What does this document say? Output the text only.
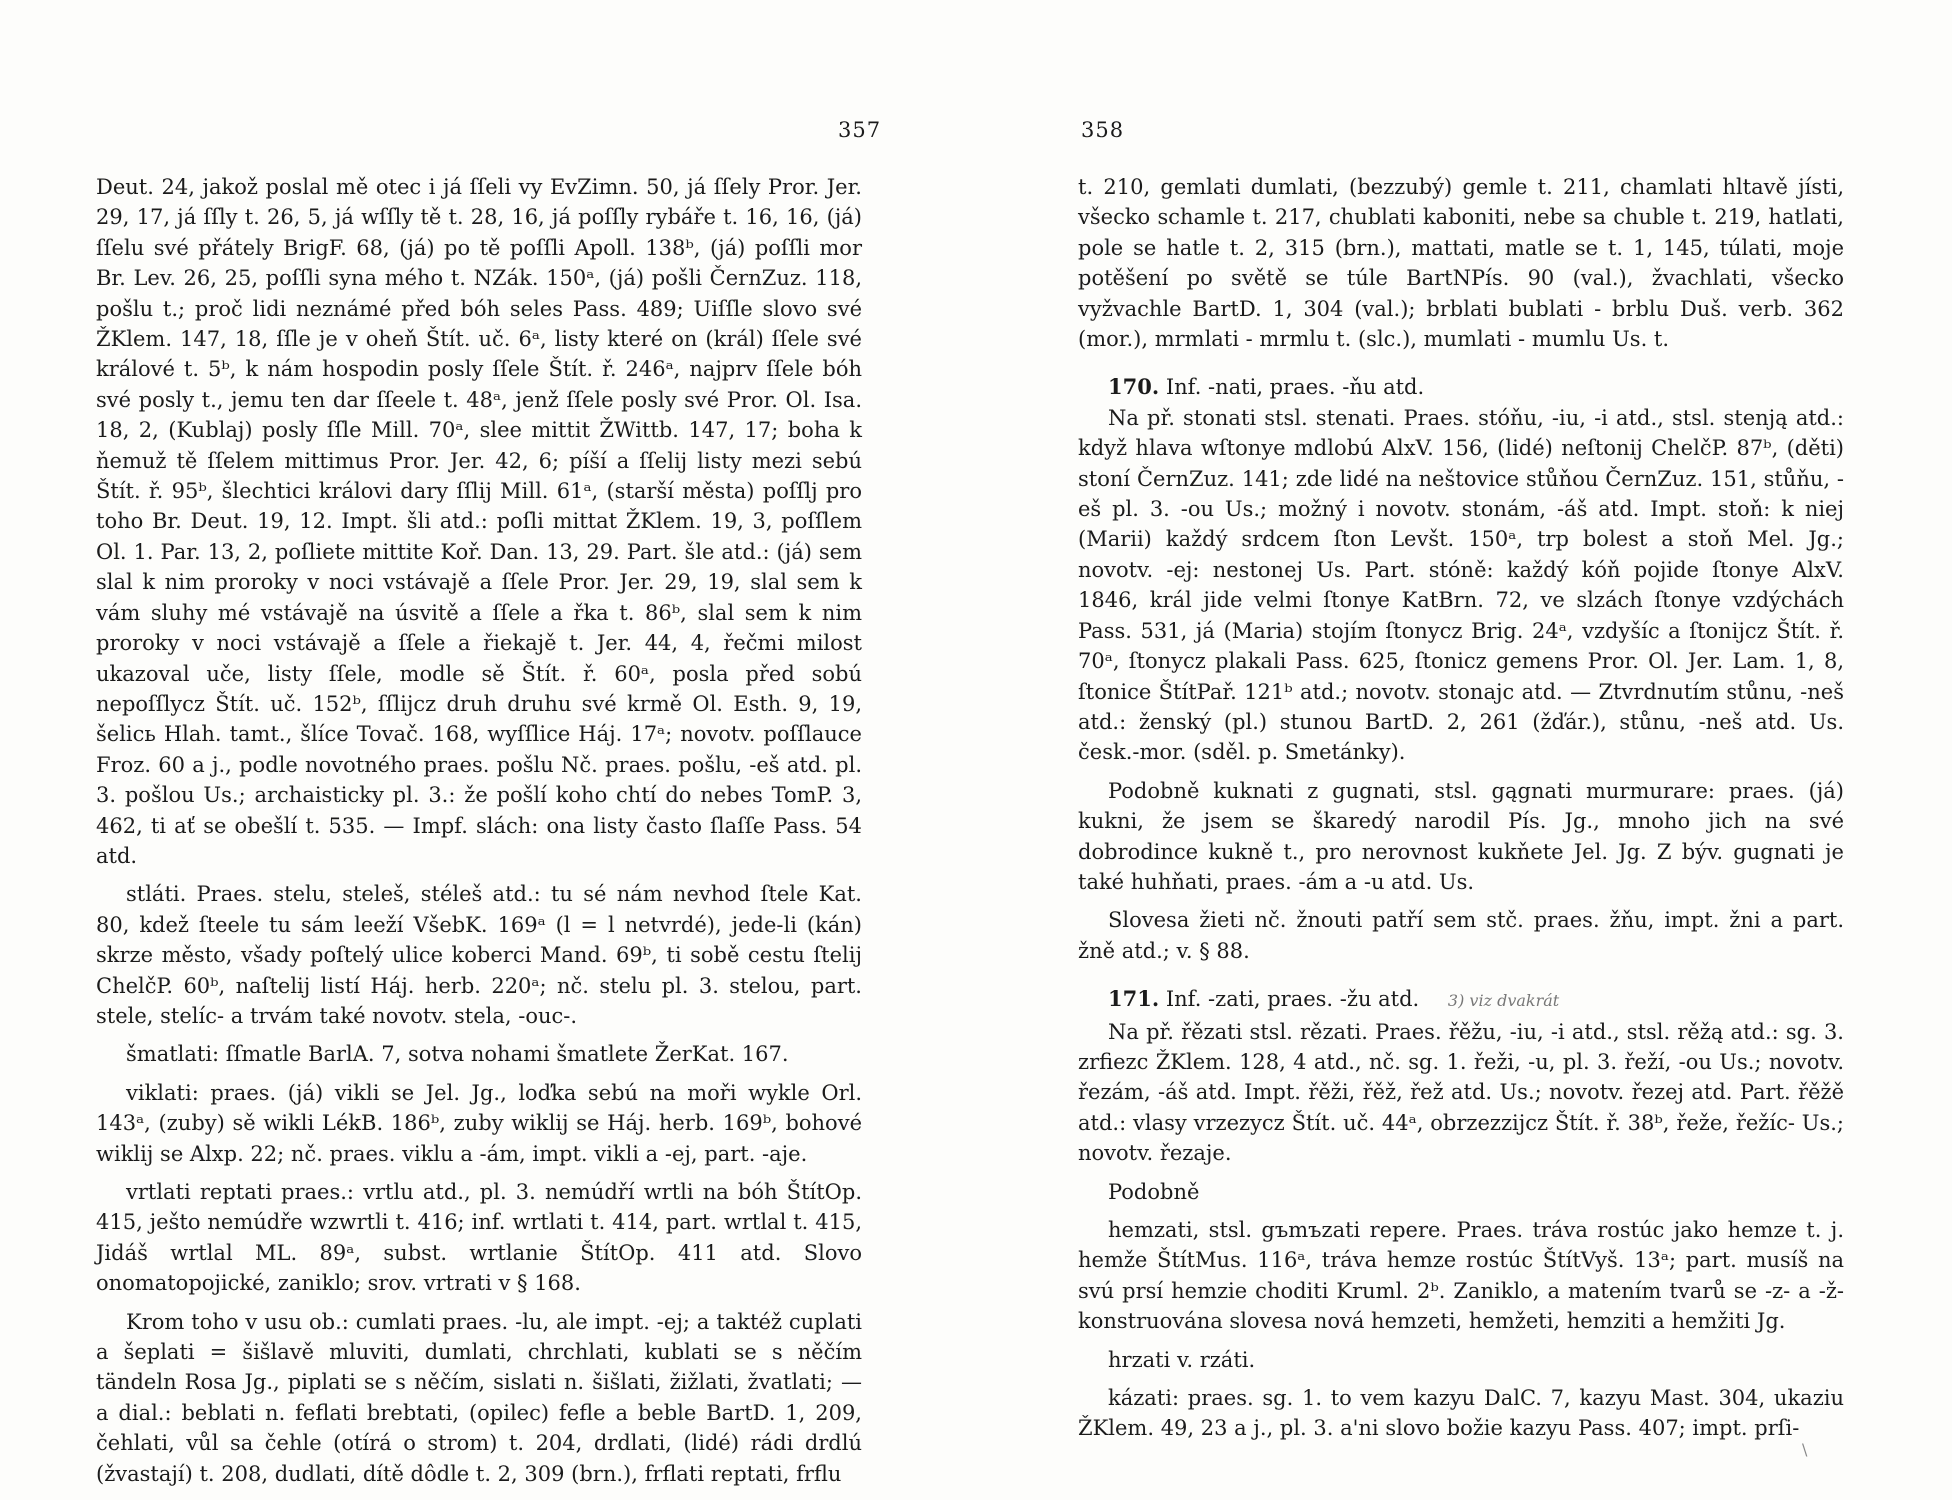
357

Deut. 24, jakož poslal mě otec i já ſſeli vy EvZimn. 50, já ſſely Pror. Jer. 29, 17, já ſſly t. 26, 5, já wſſly tě t. 28, 16, já poſſly rybáře t. 16, 16, (já) ſſelu své přátely BrigF. 68, (já) po tě poſſli Apoll. 138ᵇ, (já) poſſli mor Br. Lev. 26, 25, poſſli syna mého t. NZák. 150ᵃ, (já) pošli ČernZuz. 118, pošlu t.; proč lidi neznámé před bóh seles Pass. 489; Uiſſle slovo své ŽKlem. 147, 18, ſſle je v oheň Štít. uč. 6ᵃ, listy které on (král) ſſele své králové t. 5ᵇ, k nám hospodin posly ſſele Štít. ř. 246ᵃ, najprv ſſele bóh své posly t., jemu ten dar ſſeele t. 48ᵃ, jenž ſſele posly své Pror. Ol. Isa. 18, 2, (Kublaj) posly ſſle Mill. 70ᵃ, slee mittit ŽWittb. 147, 17; boha k ňemuž tě ſſelem mittimus Pror. Jer. 42, 6; píší a ſſelij listy mezi sebú Štít. ř. 95ᵇ, šlechtici královi dary ſſlij Mill. 61ᵃ, (starší města) poſſlj pro toho Br. Deut. 19, 12. Impt. šli atd.: poſli mittat ŽKlem. 19, 3, poſſlem Ol. 1. Par. 13, 2, poſliete mittite Koř. Dan. 13, 29. Part. šle atd.: (já) sem slal k nim proroky v noci vstávajě a ſſele Pror. Jer. 29, 19, slal sem k vám sluhy mé vstávajě na úsvitě a ſſele a řka t. 86ᵇ, slal sem k nim proroky v noci vstávajě a ſſele a řiekajě t. Jer. 44, 4, řečmi milost ukazoval uče, listy ſſele, modle sě Štít. ř. 60ᵃ, posla před sobú nepoſſlycz Štít. uč. 152ᵇ, ſſlijcz druh druhu své krmě Ol. Esth. 9, 19, šelicь Hlah. tamt., šlíce Tovač. 168, wyſſlice Háj. 17ᵃ; novotv. poſſlauce Froz. 60 a j., podle novotného praes. pošlu Nč. praes. pošlu, -eš atd. pl. 3. pošlou Us.; archaisticky pl. 3.: že pošlí koho chtí do nebes TomP. 3, 462, ti ať se obešlí t. 535. — Impf. slách: ona listy často ſlaſſe Pass. 54 atd.

stláti. Praes. stelu, steleš, stéleš atd.: tu sé nám nevhod ſtele Kat. 80, kdež ſteele tu sám leeží VšebK. 169ᵃ (l = l netvrdé), jede-li (kán) skrze město, všady poſtelý ulice koberci Mand. 69ᵇ, ti sobě cestu ſtelij ChelčP. 60ᵇ, naſtelij listí Háj. herb. 220ᵃ; nč. stelu pl. 3. stelou, part. stele, stelíc- a trvám také novotv. stela, -ouc-.

šmatlati: ſſmatle BarlA. 7, sotva nohami šmatlete ŽerKat. 167.

viklati: praes. (já) vikli se Jel. Jg., loďka sebú na moři wykle Orl. 143ᵃ, (zuby) sě wikli LékB. 186ᵇ, zuby wiklij se Háj. herb. 169ᵇ, bohové wiklij se Alxp. 22; nč. praes. viklu a -ám, impt. vikli a -ej, part. -aje.

vrtlati reptati praes.: vrtlu atd., pl. 3. nemúdří wrtli na bóh ŠtítOp. 415, ješto nemúdře wzwrtli t. 416; inf. wrtlati t. 414, part. wrtlal t. 415, Jidáš wrtlal ML. 89ᵃ, subst. wrtlanie ŠtítOp. 411 atd. Slovo onomatopojické, zaniklo; srov. vrtrati v § 168.

Krom toho v usu ob.: cumlati praes. -lu, ale impt. -ej; a taktéž cuplati a šeplati = šišlavě mluviti, dumlati, chrchlati, kublati se s něčím tändeln Rosa Jg., piplati se s něčím, sislati n. šišlati, žižlati, žvatlati; — a dial.: beblati n. feflati brebtati, (opilec) fefle a beble BartD. 1, 209, čehlati, vůl sa čehle (otírá o strom) t. 204, drdlati, (lidé) rádi drdlú (žvastají) t. 208, dudlati, dítě dôdle t. 2, 309 (brn.), frflati reptati, frflu

358

t. 210, gemlati dumlati, (bezzubý) gemle t. 211, chamlati hltavě jísti, všecko schamle t. 217, chublati kaboniti, nebe sa chuble t. 219, hatlati, pole se hatle t. 2, 315 (brn.), mattati, matle se t. 1, 145, túlati, moje potěšení po světě se túle BartNPís. 90 (val.), žvachlati, všecko vyžvachle BartD. 1, 304 (val.); brblati bublati - brblu Duš. verb. 362 (mor.), mrmlati - mrmlu t. (slc.), mumlati - mumlu Us. t.

170. Inf. -nati, praes. -ňu atd.

Na př. stonati stsl. stenati. Praes. stóňu, -iu, -i atd., stsl. stenją atd.: když hlava wſtonye mdlobú AlxV. 156, (lidé) neſtonij ChelčP. 87ᵇ, (děti) stoní ČernZuz. 141; zde lidé na neštovice stůňou ČernZuz. 151, stůňu, -eš pl. 3. -ou Us.; možný i novotv. stonám, -áš atd. Impt. stoň: k niej (Marii) každý srdcem ſton Levšt. 150ᵃ, trp bolest a stoň Mel. Jg.; novotv. -ej: nestonej Us. Part. stóně: každý kóň pojide ſtonye AlxV. 1846, král jide velmi ſtonye KatBrn. 72, ve slzách ſtonye vzdýchách Pass. 531, já (Maria) stojím ſtonycz Brig. 24ᵃ, vzdyšíc a ſtonijcz Štít. ř. 70ᵃ, ſtonycz plakali Pass. 625, ſtonicz gemens Pror. Ol. Jer. Lam. 1, 8, ſtonice ŠtítPař. 121ᵇ atd.; novotv. stonajc atd. — Ztvrdnutím stůnu, -neš atd.: ženský (pl.) stunou BartD. 2, 261 (žďár.), stůnu, -neš atd. Us. česk.-mor. (sděl. p. Smetánky).

Podobně kuknati z gugnati, stsl. gągnati murmurare: praes. (já) kukni, že jsem se škaredý narodil Pís. Jg., mnoho jich na své dobrodince kukně t., pro nerovnost kukňete Jel. Jg. Z býv. gugnati je také huhňati, praes. -ám a -u atd. Us.

Slovesa žieti nč. žnouti patří sem stč. praes. žňu, impt. žni a part. žně atd.; v. § 88.

171. Inf. -zati, praes. -žu atd. 3) viz dvakrát

Na př. řězati stsl. rězati. Praes. řěžu, -iu, -i atd., stsl. rěžą atd.: sg. 3. zrfiezc ŽKlem. 128, 4 atd., nč. sg. 1. řeži, -u, pl. 3. řeží, -ou Us.; novotv. řezám, -áš atd. Impt. řěži, řěž, řež atd. Us.; novotv. řezej atd. Part. řěžě atd.: vlasy vrzezycz Štít. uč. 44ᵃ, obrzezzijcz Štít. ř. 38ᵇ, řeže, řežíc- Us.; novotv. řezaje.

Podobně

hemzati, stsl. gъmъzati repere. Praes. tráva rostúc jako hemze t. j. hemže ŠtítMus. 116ᵃ, tráva hemze rostúc ŠtítVyš. 13ᵃ; part. musíš na svú prsí hemzie choditi Kruml. 2ᵇ. Zaniklo, a matením tvarů se -z- a -ž- konstruována slovesa nová hemzeti, hemžeti, hemziti a hemžiti Jg.

hrzati v. rzáti.

kázati: praes. sg. 1. to vem kazyu DalC. 7, kazyu Mast. 304, ukaziu ŽKlem. 49, 23 a j., pl. 3. a'ni slovo božie kazyu Pass. 407; impt. prſi-

\
